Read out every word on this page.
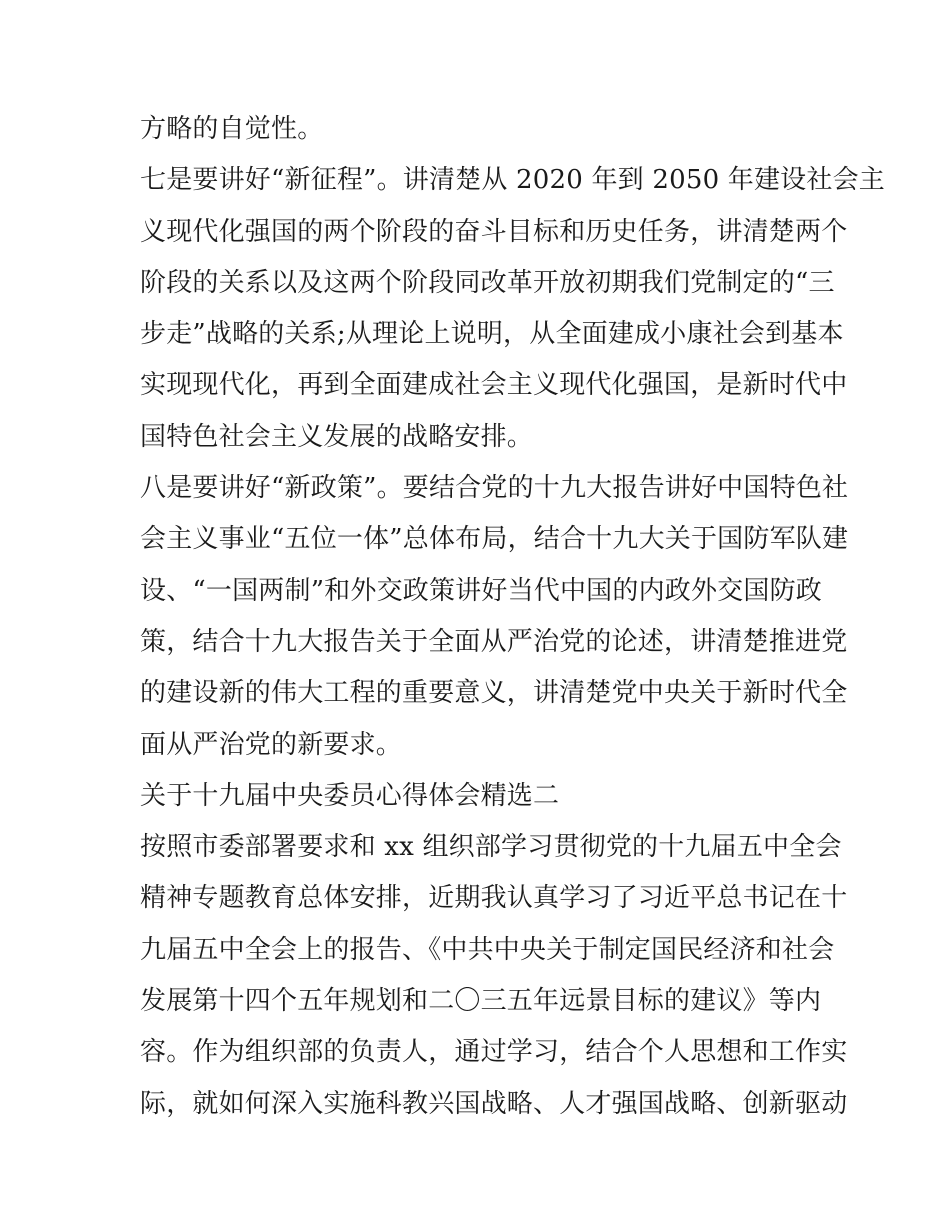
方略的自觉性。
七是要讲好“新征程”。讲清楚从 2020 年到 2050 年建设社会主
义现代化强国的两个阶段的奋斗目标和历史任务，讲清楚两个
阶段的关系以及这两个阶段同改革开放初期我们党制定的“三
步走”战略的关系;从理论上说明，从全面建成小康社会到基本
实现现代化，再到全面建成社会主义现代化强国，是新时代中
国特色社会主义发展的战略安排。
八是要讲好“新政策”。要结合党的十九大报告讲好中国特色社
会主义事业“五位一体”总体布局，结合十九大关于国防军队建
设、“一国两制”和外交政策讲好当代中国的内政外交国防政
策，结合十九大报告关于全面从严治党的论述，讲清楚推进党
的建设新的伟大工程的重要意义，讲清楚党中央关于新时代全
面从严治党的新要求。
关于十九届中央委员心得体会精选二
按照市委部署要求和 xx 组织部学习贯彻党的十九届五中全会
精神专题教育总体安排，近期我认真学习了习近平总书记在十
九届五中全会上的报告、《中共中央关于制定国民经济和社会
发展第十四个五年规划和二〇三五年远景目标的建议》等内
容。作为组织部的负责人，通过学习，结合个人思想和工作实
际，就如何深入实施科教兴国战略、人才强国战略、创新驱动
